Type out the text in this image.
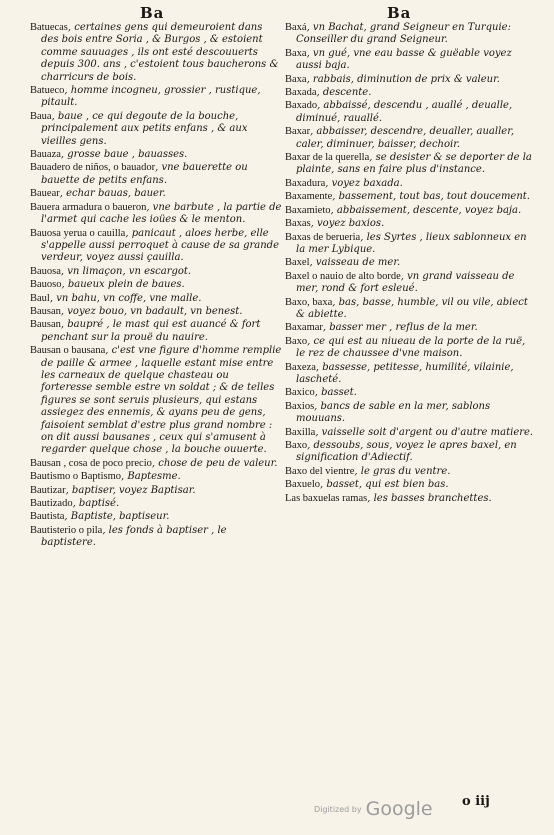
Ba	Ba
Batuecas, certaines gens qui demeuroient dans des bois entre Soria , & Burgos , & estoient comme sauuages , ils ont esté descouuerts depuis 300. ans , c'estoient tous baucherons & charricurs de bois.
Batueco, homme incogneu, grossier , rustique, pitault.
Baua, baue , ce qui degoute de la bouche, principalement aux petits enfans , & aux vieilles gens.
Bauaza, grosse baue , bauasses.
Bauadero de niños, o bauador, vne bauerette ou bauette de petits enfans.
Bauear, echar bauas, bauer.
Bauera armadura o baueron, vne barbute , la partie de l'armet qui cache les ioües & le menton.
Bauosa yerua o cauilla, panicaut , aloes herbe, elle s'appelle aussi perroquet à cause de sa grande verdeur, voyez aussi çauilla.
Bauosa, vn limaçon, vn escargot.
Bauoso, baueux plein de baues.
Baul, vn bahu, vn coffe, vne malle.
Bausan, voyez bouo, vn badault, vn benest.
Bausan, baupré , le mast qui est auancé & fort penchant sur la prouë du nauire.
Bausan o bausana, c'est vne figure d'homme remplie de paille & armee , laquelle estant mise entre les carneaux de quelque chasteau ou forteresse semble estre vn soldat ; & de telles figures se sont seruis plusieurs, qui estans assiegez des ennemis, & ayans peu de gens, faisoient semblat d'estre plus grand nombre : on dit aussi bausanes , ceux qui s'amusent à regarder quelque chose , la bouche ouuerte.
Bausan , cosa de poco precio, chose de peu de valeur.
Bautismo o Baptismo, Baptesme.
Bautizar, baptiser, voyez Baptisar.
Bautizado, baptisé.
Bautista, Baptiste, baptiseur.
Bautisterio o pila, les fonds à baptiser , le baptistere.
Baxá, vn Bachat, grand Seigneur en Turquie: Conseiller du grand Seigneur.
Baxa, vn gué, vne eau basse & guëable voyez aussi baja.
Baxa, rabbais, diminution de prix & valeur.
Baxada, descente.
Baxado, abbaissé, descendu , auallé , deualle, diminué, rauallé.
Baxar, abbaisser, descendre, deualler, aualler, caler, diminuer, baisser, dechoir.
Baxar de la querella, se desister & se deporter de la plainte, sans en faire plus d'instance.
Baxadura, voyez baxada.
Baxamente, bassement, tout bas, tout doucement.
Baxamieto, abbaissement, descente, voyez baja.
Baxas, voyez baxios.
Baxas de berueria, les Syrtes , lieux sablonneux en la mer Lybique.
Baxel, vaisseau de mer.
Baxel o nauio de alto borde, vn grand vaisseau de mer, rond & fort esleué.
Baxo, baxa, bas, basse, humble, vil ou vile, abiect & abiette.
Baxamar, basser mer , reflus de la mer.
Baxo, ce qui est au niueau de la porte de la ruë, le rez de chaussee d'vne maison.
Baxeza, bassesse, petitesse, humilité, vilainie, lascheté.
Baxico, basset.
Baxios, bancs de sable en la mer, sablons mouuans.
Baxilla, vaisselle soit d'argent ou d'autre matiere.
Baxo, dessoubs, sous, voyez le apres baxel, en signification d'Adiectif.
Baxo del vientre, le gras du ventre.
Baxuelo, basset, qui est bien bas.
Las baxuelas ramas, les basses branchettes.
Digitized by Google o iij
